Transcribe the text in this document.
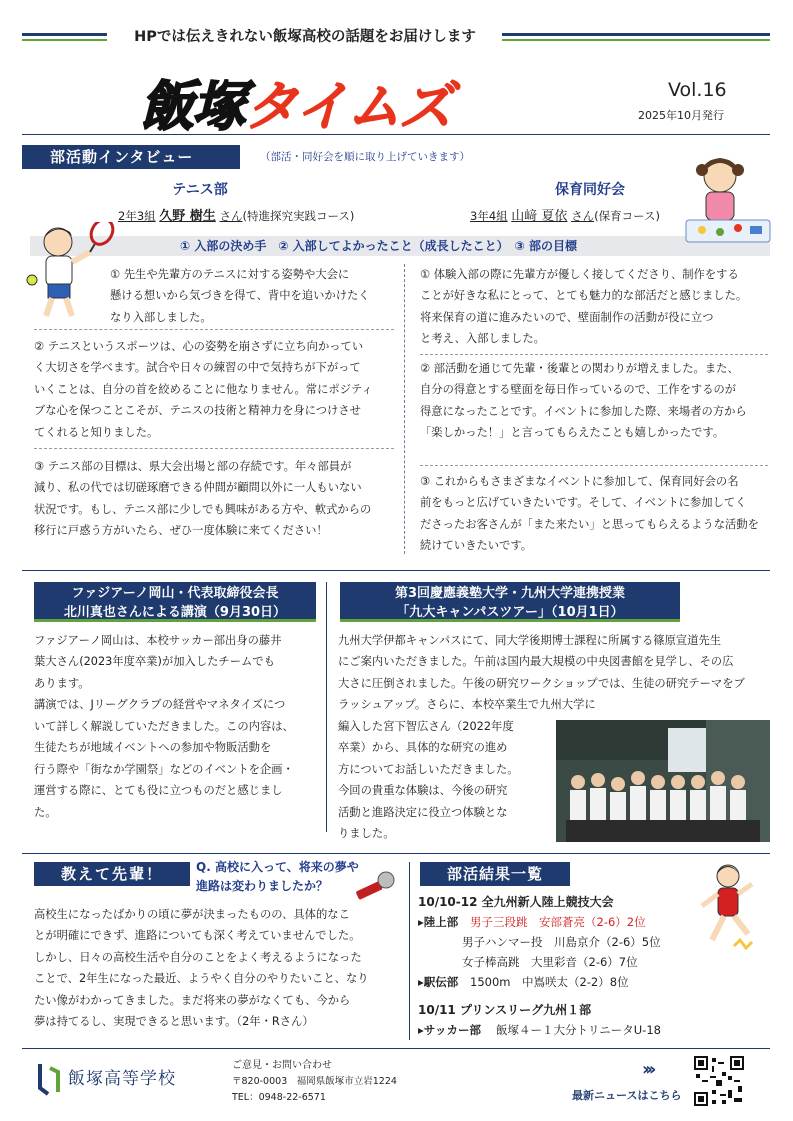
HPでは伝えきれない飯塚高校の話題をお届けします
飯塚タイムズ	Vol.16
2025年10月発行
部活動インタビュー	（部活・同好会を順に取り上げていきます）
テニス部
2年3組 久野 樹生 さん(特進探究実践コース)
保育同好会
3年4組 山﨑 夏依 さん(保育コース)
① 入部の決め手　② 入部してよかったこと（成長したこと）　③ 部の目標

① 先生や先輩方のテニスに対する姿勢や大会に
懸ける想いから気づきを得て、背中を追いかけたく
なり入部しました。

② テニスというスポーツは、心の姿勢を崩さずに立ち向かってい
く大切さを学べます。試合や日々の練習の中で気持ちが下がって
いくことは、自分の首を絞めることに他なりません。常にポジティ
ブな心を保つことこそが、テニスの技術と精神力を身につけさせ
てくれると知りました。

③ テニス部の目標は、県大会出場と部の存続です。年々部員が
減り、私の代では切磋琢磨できる仲間が顧問以外に一人もいない
状況です。もし、テニス部に少しでも興味がある方や、軟式からの
移行に戸惑う方がいたら、ぜひ一度体験に来てください！

① 体験入部の際に先輩方が優しく接してくださり、制作をする
ことが好きな私にとって、とても魅力的な部活だと感じました。
将来保育の道に進みたいので、壁面制作の活動が役に立つ
と考え、入部しました。

② 部活動を通じて先輩・後輩との関わりが増えました。また、
自分の得意とする壁面を毎日作っているので、工作をするのが
得意になったことです。イベントに参加した際、来場者の方から
「楽しかった！」と言ってもらえたことも嬉しかったです。

③ これからもさまざまなイベントに参加して、保育同好会の名
前をもっと広げていきたいです。そして、イベントに参加してく
ださったお客さんが「また来たい」と思ってもらえるような活動を
続けていきたいです。

ファジアーノ岡山・代表取締役会長
北川真也さんによる講演（9月30日）

ファジアーノ岡山は、本校サッカー部出身の藤井
葉大さん(2023年度卒業)が加入したチームでも
あります。
講演では、Jリーグクラブの経営やマネタイズにつ
いて詳しく解説していただきました。この内容は、
生徒たちが地域イベントへの参加や物販活動を
行う際や「街なか学園祭」などのイベントを企画・
運営する際に、とても役に立つものだと感じまし
た。

第3回慶應義塾大学・九州大学連携授業
「九大キャンパスツアー」（10月1日）

九州大学伊都キャンパスにて、同大学後期博士課程に所属する篠原宣道先生
にご案内いただきました。午前は国内最大規模の中央図書館を見学し、その広
大さに圧倒されました。午後の研究ワークショップでは、生徒の研究テーマをブ
ラッシュアップ。さらに、本校卒業生で九州大学に

編入した宮下智広さん（2022年度
卒業）から、具体的な研究の進め
方についてお話しいただきました。
今回の貴重な体験は、今後の研究
活動と進路決定に役立つ体験とな
りました。

教えて先輩！	Q. 高校に入って、将来の夢や
進路は変わりましたか？

高校生になったばかりの頃に夢が決まったものの、具体的なこ
とが明確にできず、進路についても深く考えていませんでした。
しかし、日々の高校生活や自分のことをよく考えるようになった
ことで、2年生になった最近、ようやく自分のやりたいこと、なり
たい像がわかってきました。まだ将来の夢がなくても、今から
夢は持てるし、実現できると思います。（2年・Rさん）

部活結果一覧
10/10-12 全九州新人陸上競技大会
▸陸上部 男子三段跳　安部蒼亮（2-6）2位
男子ハンマー投　川島京介（2-6）5位
女子棒高跳　大里彩音（2-6）7位
▸駅伝部 1500m　中嶌咲太（2-2）8位
10/11 プリンスリーグ九州１部
▸サッカー部 飯塚４ー１大分トリニータU-18
飯塚高等学校
ご意見・お問い合わせ
〒820-0003　福岡県飯塚市立岩1224
TEL：0948-22-6571
›››
最新ニュースはこちら
